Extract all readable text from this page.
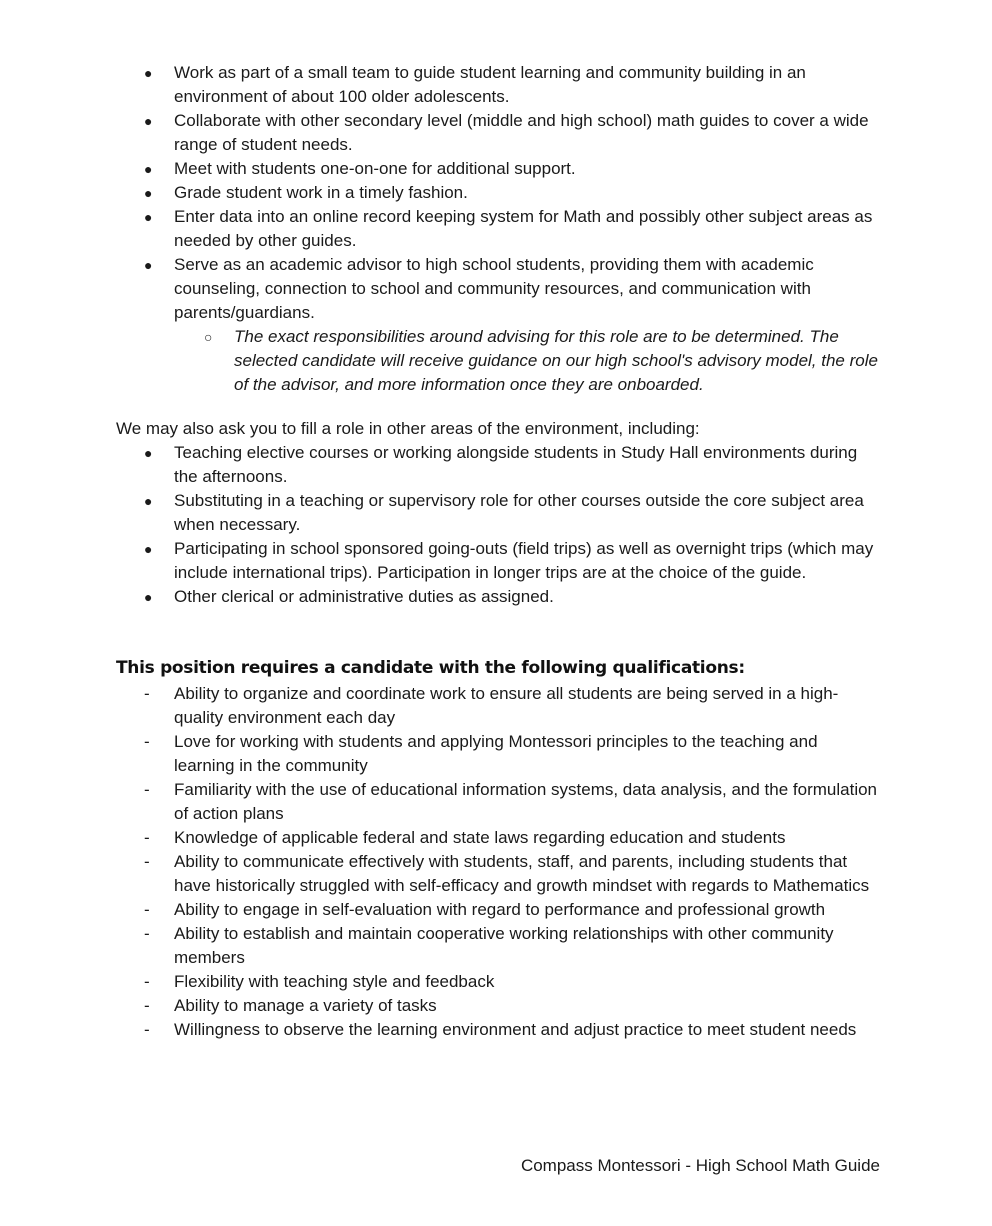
●	Work as part of a small team to guide student learning and community building in an environment of about 100 older adolescents.
●	Collaborate with other secondary level (middle and high school) math guides to cover a wide range of student needs.
●	Meet with students one-on-one for additional support.
●	Grade student work in a timely fashion.
●	Enter data into an online record keeping system for Math and possibly other subject areas as needed by other guides.
●	Serve as an academic advisor to high school students, providing them with academic counseling, connection to school and community resources, and communication with parents/guardians.
○	The exact responsibilities around advising for this role are to be determined. The selected candidate will receive guidance on our high school's advisory model, the role of the advisor, and more information once they are onboarded.
We may also ask you to fill a role in other areas of the environment, including:
●	Teaching elective courses or working alongside students in Study Hall environments during the afternoons.
●	Substituting in a teaching or supervisory role for other courses outside the core subject area when necessary.
●	Participating in school sponsored going-outs (field trips) as well as overnight trips (which may include international trips). Participation in longer trips are at the choice of the guide.
●	Other clerical or administrative duties as assigned.
This position requires a candidate with the following qualifications:
-	Ability to organize and coordinate work to ensure all students are being served in a high-quality environment each day
-	Love for working with students and applying Montessori principles to the teaching and learning in the community
-	Familiarity with the use of educational information systems, data analysis, and the formulation of action plans
-	Knowledge of applicable federal and state laws regarding education and students
-	Ability to communicate effectively with students, staff, and parents, including students that have historically struggled with self-efficacy and growth mindset with regards to Mathematics
-	Ability to engage in self-evaluation with regard to performance and professional growth
-	Ability to establish and maintain cooperative working relationships with other community members
-	Flexibility with teaching style and feedback
-	Ability to manage a variety of tasks
-	Willingness to observe the learning environment and adjust practice to meet student needs
Compass Montessori - High School Math Guide
